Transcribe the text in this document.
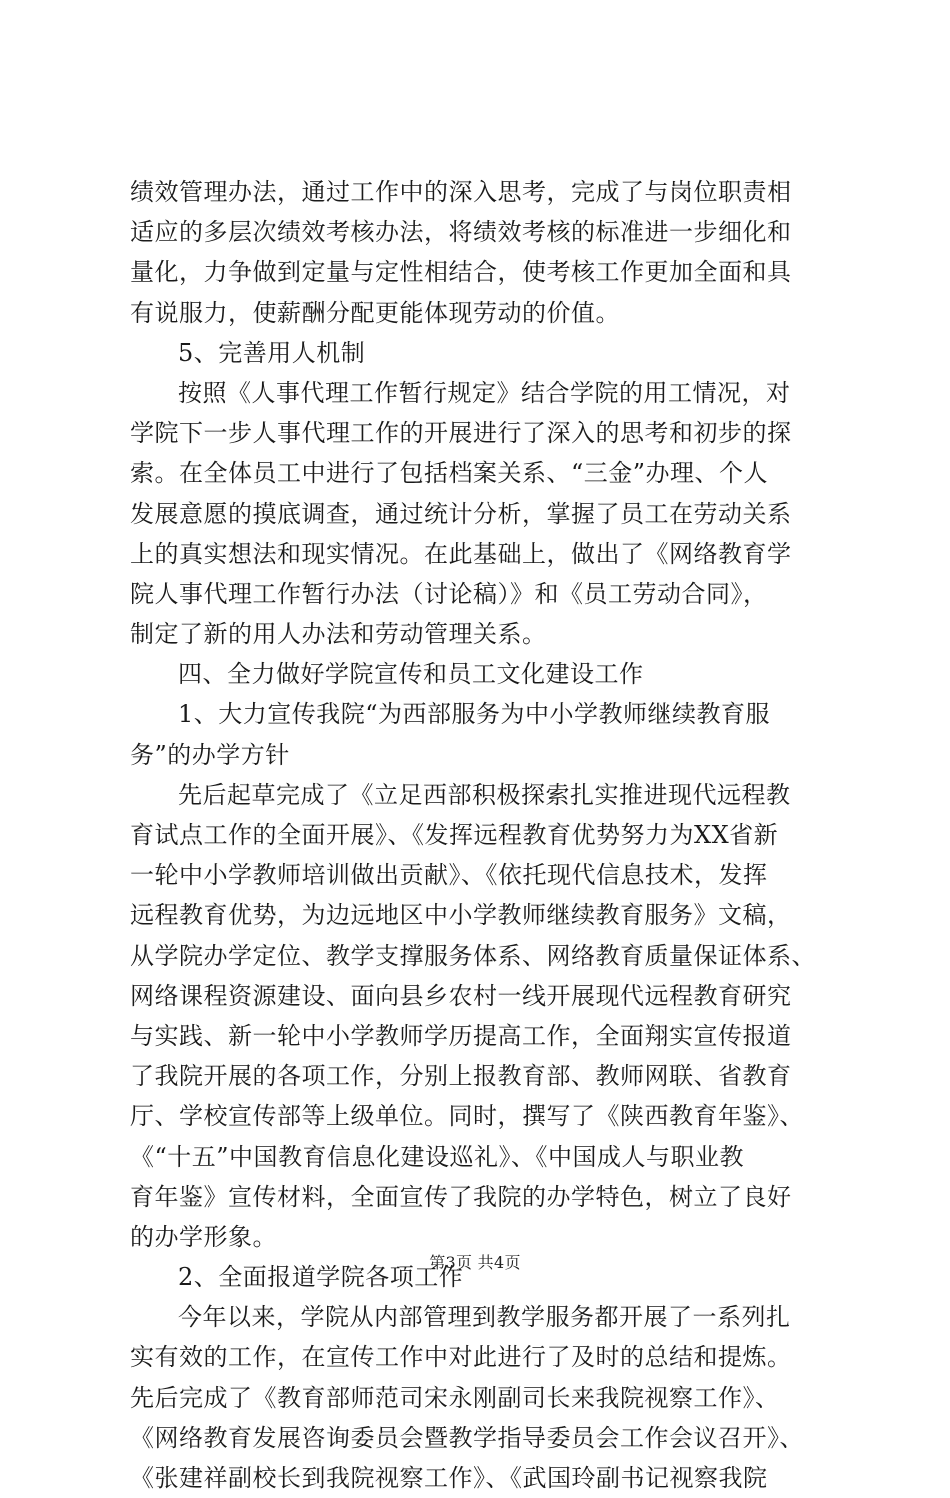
绩效管理办法，通过工作中的深入思考，完成了与岗位职责相
适应的多层次绩效考核办法，将绩效考核的标准进一步细化和
量化，力争做到定量与定性相结合，使考核工作更加全面和具
有说服力，使薪酬分配更能体现劳动的价值。
5、完善用人机制
按照《人事代理工作暂行规定》结合学院的用工情况，对
学院下一步人事代理工作的开展进行了深入的思考和初步的探
索。在全体员工中进行了包括档案关系、“三金”办理、个人
发展意愿的摸底调查，通过统计分析，掌握了员工在劳动关系
上的真实想法和现实情况。在此基础上，做出了《网络教育学
院人事代理工作暂行办法（讨论稿）》和《员工劳动合同》，
制定了新的用人办法和劳动管理关系。
四、全力做好学院宣传和员工文化建设工作
1、大力宣传我院“为西部服务为中小学教师继续教育服
务”的办学方针
先后起草完成了《立足西部积极探索扎实推进现代远程教
育试点工作的全面开展》、《发挥远程教育优势努力为XX省新
一轮中小学教师培训做出贡献》、《依托现代信息技术，发挥
远程教育优势，为边远地区中小学教师继续教育服务》文稿，
从学院办学定位、教学支撑服务体系、网络教育质量保证体系、
网络课程资源建设、面向县乡农村一线开展现代远程教育研究
与实践、新一轮中小学教师学历提高工作，全面翔实宣传报道
了我院开展的各项工作，分别上报教育部、教师网联、省教育
厅、学校宣传部等上级单位。同时，撰写了《陕西教育年鉴》、
《“十五”中国教育信息化建设巡礼》、《中国成人与职业教
育年鉴》宣传材料，全面宣传了我院的办学特色，树立了良好
的办学形象。
2、全面报道学院各项工作
今年以来，学院从内部管理到教学服务都开展了一系列扎
实有效的工作，在宣传工作中对此进行了及时的总结和提炼。
先后完成了《教育部师范司宋永刚副司长来我院视察工作》、
《网络教育发展咨询委员会暨教学指导委员会工作会议召开》、
《张建祥副校长到我院视察工作》、《武国玲副书记视察我院
第3页 共4页
